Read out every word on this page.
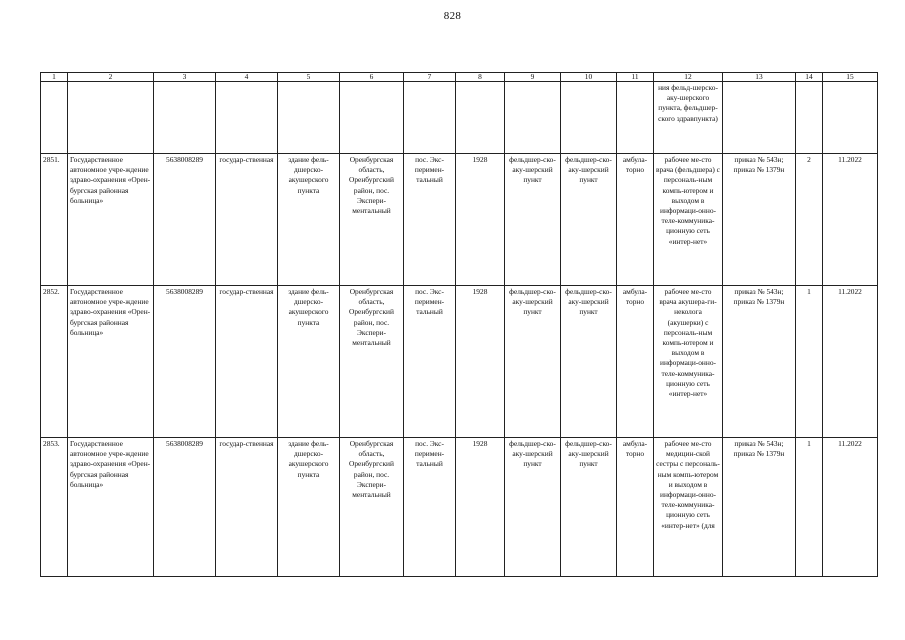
828
1	2	3	4	5	6	7	8	9	10	11	12	13	14	15
											ния фельд-шерско-аку-шерского пункта, фельдшер-ского здравпункта)			
2851.	Государственное автономное учре-ждение здраво-охранения «Орен-бургская районная больница»	5638008289	государ-ственная	здание фель-дшерско-акушерского пункта	Оренбургская область, Оренбургский район, пос. Экспери-ментальный	пос. Экс-перимен-тальный	1928	фельдшер-ско-аку-шерский пункт	фельдшер-ско-аку-шерский пункт	амбула-торно	рабочее ме-сто врача (фельдшера) с персональ-ным компь-ютером и выходом в информаци-онно-теле-коммуника-ционную сеть «интер-нет»	приказ № 543н; приказ № 1379н	2	11.2022
2852.	Государственное автономное учре-ждение здраво-охранения «Орен-бургская районная больница»	5638008289	государ-ственная	здание фель-дшерско-акушерского пункта	Оренбургская область, Оренбургский район, пос. Экспери-ментальный	пос. Экс-перимен-тальный	1928	фельдшер-ско-аку-шерский пункт	фельдшер-ско-аку-шерский пункт	амбула-торно	рабочее ме-сто врача акушера-ги-неколога (акушерки) с персональ-ным компь-ютером и выходом в информаци-онно-теле-коммуника-ционную сеть «интер-нет»	приказ № 543н; приказ № 1379н	1	11.2022
2853.	Государственное автономное учре-ждение здраво-охранения «Орен-бургская районная больница»	5638008289	государ-ственная	здание фель-дшерско-акушерского пункта	Оренбургская область, Оренбургский район, пос. Экспери-ментальный	пос. Экс-перимен-тальный	1928	фельдшер-ско-аку-шерский пункт	фельдшер-ско-аку-шерский пункт	амбула-торно	рабочее ме-сто медицин-ской сестры с персональ-ным компь-ютером и выходом в информаци-онно-теле-коммуника-ционную сеть «интер-нет» (для	приказ № 543н; приказ № 1379н	1	11.2022
